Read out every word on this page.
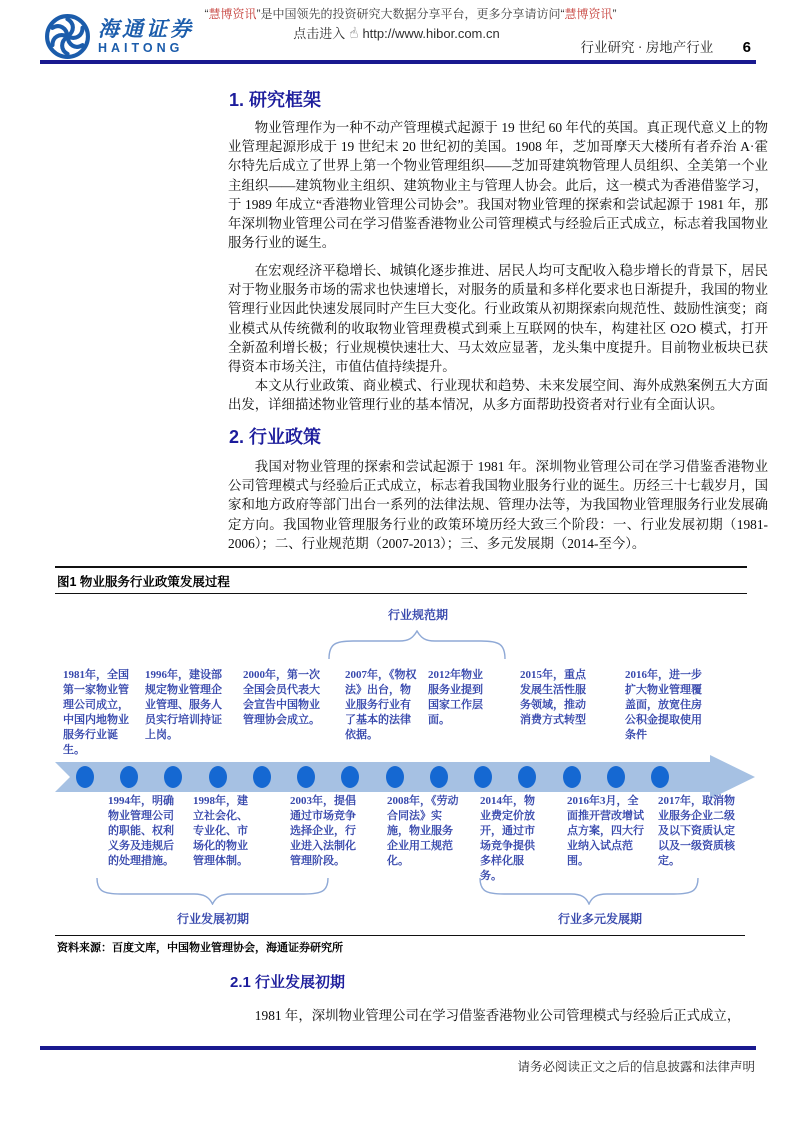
“慧博资讯”是中国领先的投资研究大数据分享平台，更多分享请访问“慧博资讯”
点击进入 ☝ http://www.hibor.com.cn
海通证券
HAITONG	行业研究 · 房地产行业 6
1. 研究框架

物业管理作为一种不动产管理模式起源于 19 世纪 60 年代的英国。真正现代意义上的物业管理起源形成于 19 世纪末 20 世纪初的美国。1908 年，芝加哥摩天大楼所有者乔治 A·霍尔特先后成立了世界上第一个物业管理组织——芝加哥建筑物管理人员组织、全美第一个业主组织——建筑物业主组织、建筑物业主与管理人协会。此后，这一模式为香港借鉴学习，于 1989 年成立“香港物业管理公司协会”。我国对物业管理的探索和尝试起源于 1981 年，那年深圳物业管理公司在学习借鉴香港物业公司管理模式与经验后正式成立，标志着我国物业服务行业的诞生。

在宏观经济平稳增长、城镇化逐步推进、居民人均可支配收入稳步增长的背景下，居民对于物业服务市场的需求也快速增长，对服务的质量和多样化要求也日渐提升，我国的物业管理行业因此快速发展同时产生巨大变化。行业政策从初期探索向规范性、鼓励性演变；商业模式从传统微利的收取物业管理费模式到乘上互联网的快车，构建社区 O2O 模式，打开全新盈利增长极；行业规模快速壮大、马太效应显著，龙头集中度提升。目前物业板块已获得资本市场关注，市值估值持续提升。

本文从行业政策、商业模式、行业现状和趋势、未来发展空间、海外成熟案例五大方面出发，详细描述物业管理行业的基本情况，从多方面帮助投资者对行业有全面认识。

2. 行业政策

我国对物业管理的探索和尝试起源于 1981 年。深圳物业管理公司在学习借鉴香港物业公司管理模式与经验后正式成立，标志着我国物业服务行业的诞生。历经三十七载岁月，国家和地方政府等部门出台一系列的法律法规、管理办法等，为我国物业管理服务行业发展确定方向。我国物业管理服务行业的政策环境历经大致三个阶段：一、行业发展初期（1981-2006）；二、行业规范期（2007-2013）；三、多元发展期（2014-至今）。

图1 物业服务行业政策发展过程
行业规范期
1981年，全国第一家物业管理公司成立，中国内地物业服务行业诞生。
1996年，建设部规定物业管理企业管理、服务人员实行培训持证上岗。
2000年，第一次全国会员代表大会宣告中国物业管理协会成立。
2007年，《物权法》出台，物业服务行业有了基本的法律依据。
2012年物业服务业提到国家工作层面。
2015年，重点发展生活性服务领域，推动消费方式转型
2016年，进一步扩大物业管理覆盖面，放宽住房公积金提取使用条件
1994年，明确物业管理公司的职能、权利义务及违规后的处理措施。
1998年，建立社会化、专业化、市场化的物业管理体制。
2003年，提倡通过市场竞争选择企业，行业进入法制化管理阶段。
2008年，《劳动合同法》实施，物业服务企业用工规范化。
2014年，物业费定价放开，通过市场竞争提供多样化服务。
2016年3月，全面推开营改增试点方案，四大行业纳入试点范围。
2017年，取消物业服务企业二级及以下资质认定以及一级资质核定。
行业发展初期	行业多元发展期
资料来源：百度文库，中国物业管理协会，海通证券研究所
2.1 行业发展初期

1981 年，深圳物业管理公司在学习借鉴香港物业公司管理模式与经验后正式成立，

请务必阅读正文之后的信息披露和法律声明
